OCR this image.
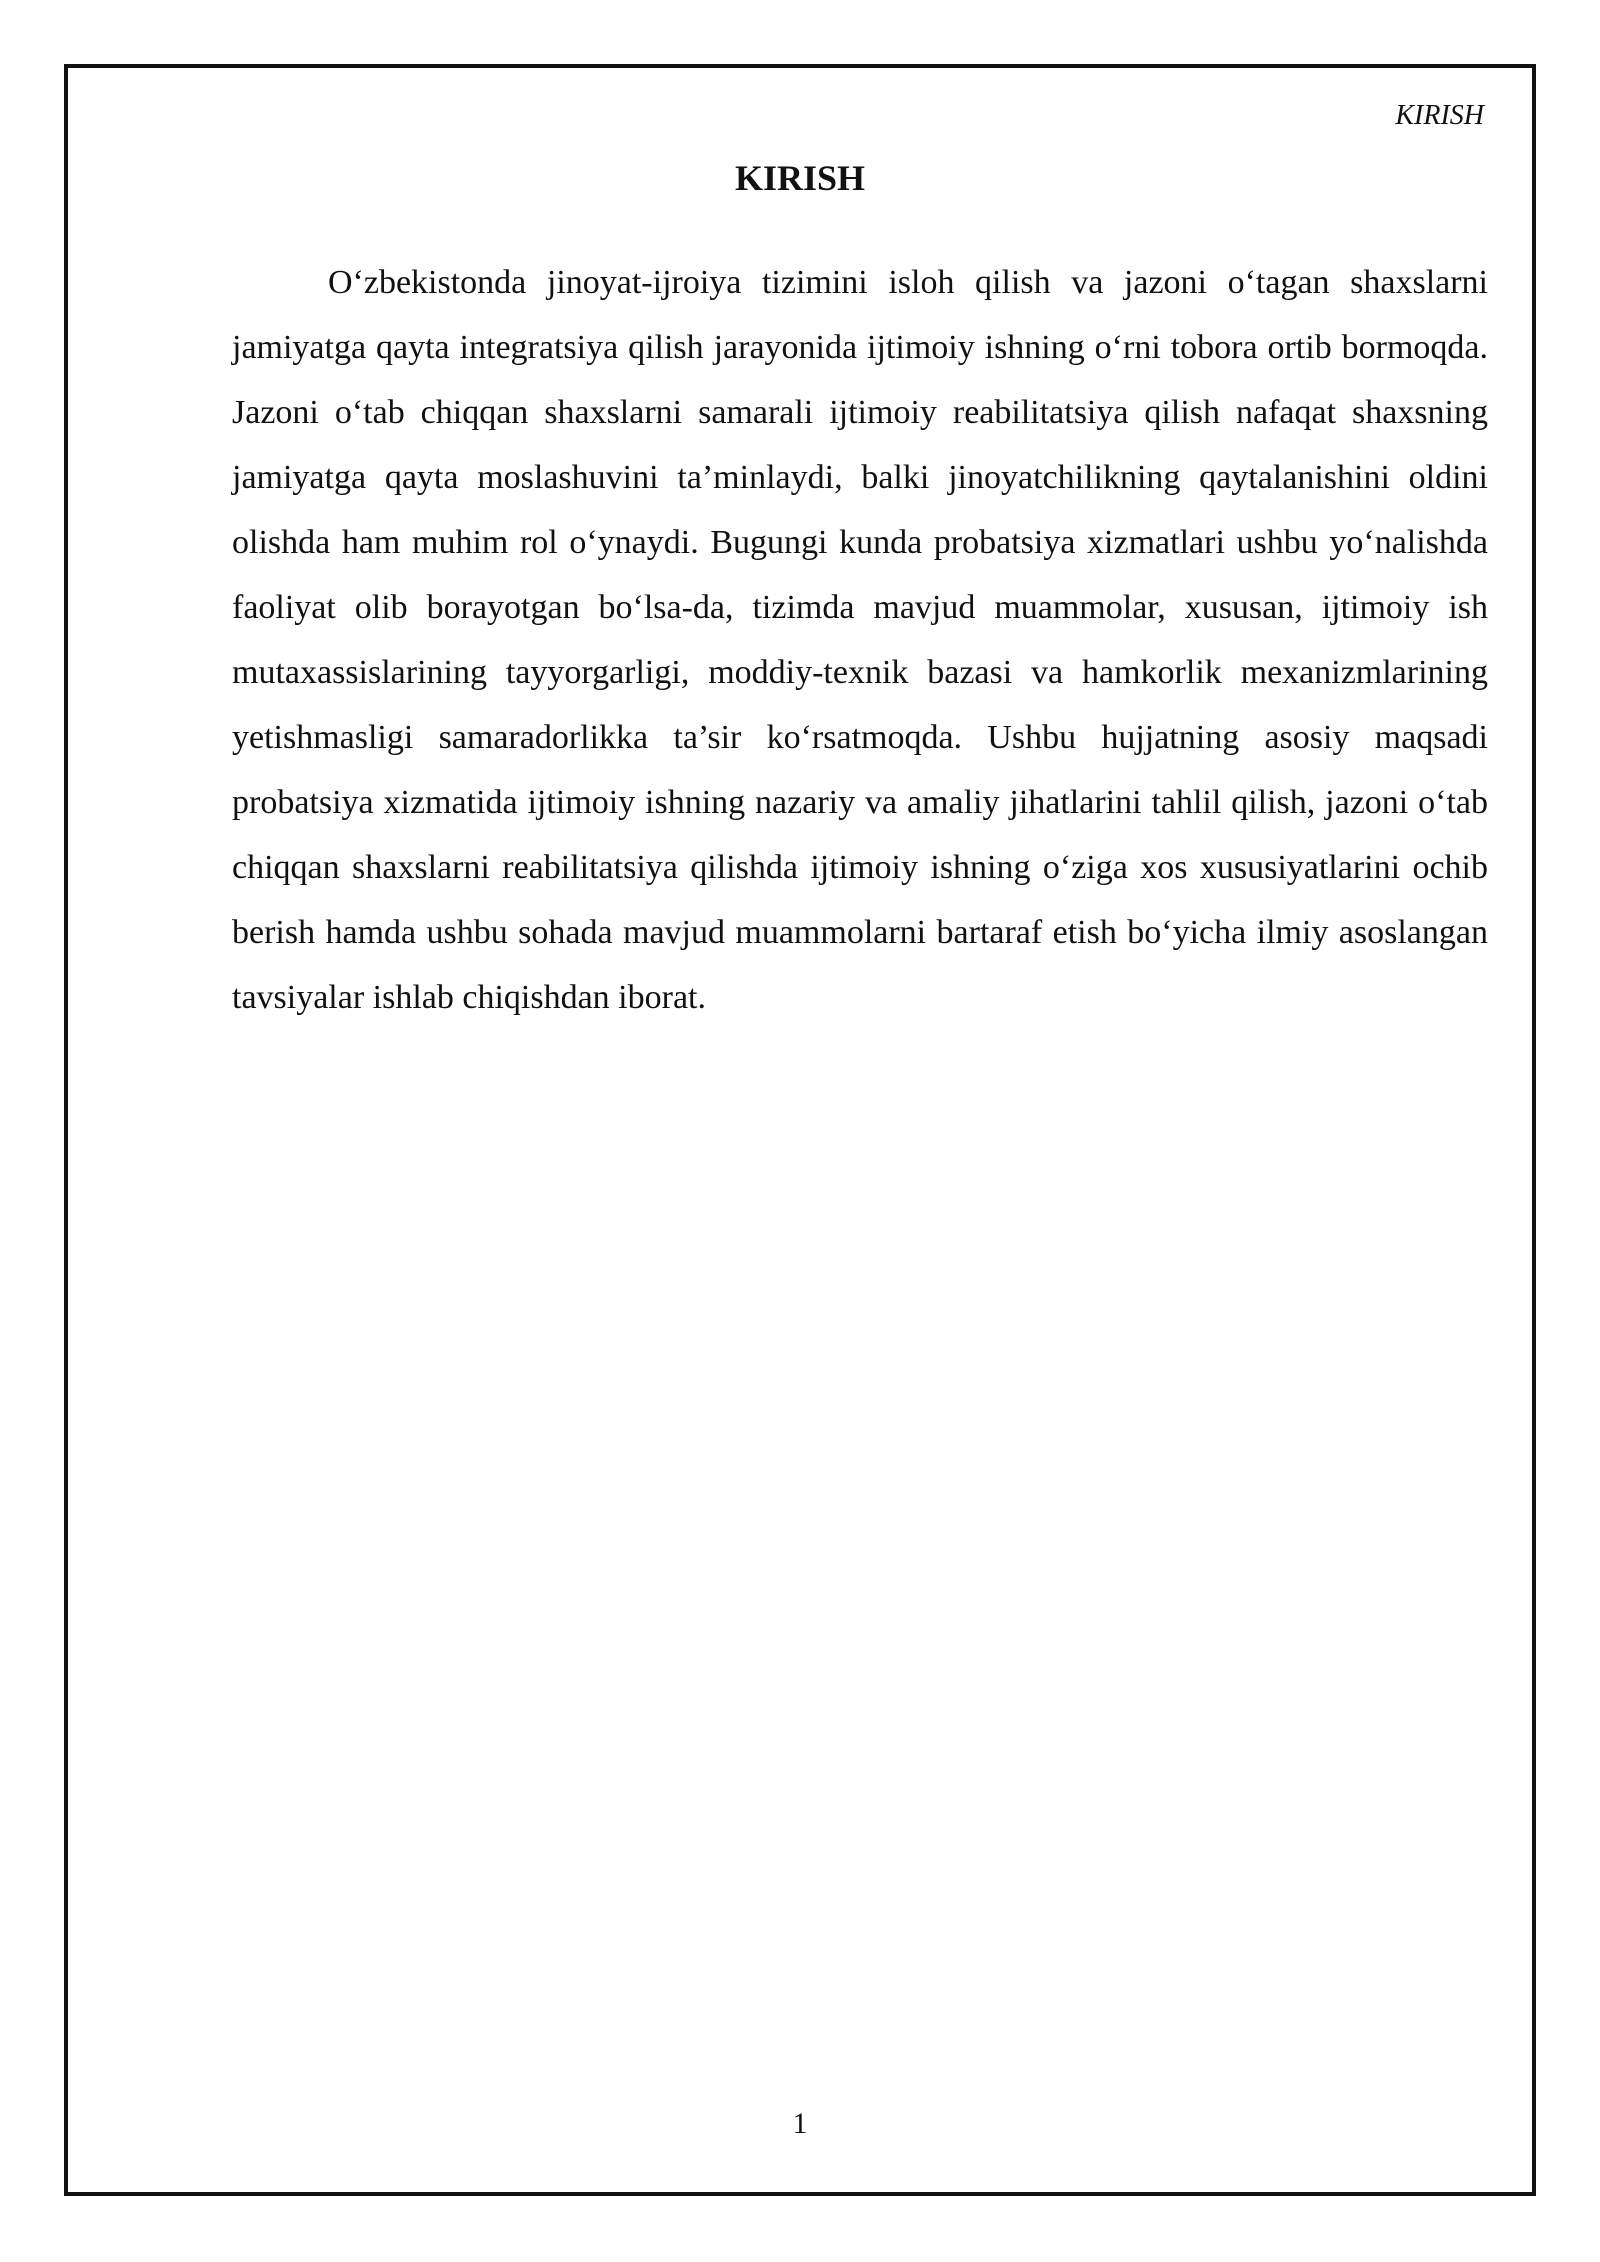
KIRISH
KIRISH

O‘zbekistonda jinoyat-ijroiya tizimini isloh qilish va jazoni o‘tagan shaxslarni jamiyatga qayta integratsiya qilish jarayonida ijtimoiy ishning o‘rni tobora ortib bormoqda. Jazoni o‘tab chiqqan shaxslarni samarali ijtimoiy reabilitatsiya qilish nafaqat shaxsning jamiyatga qayta moslashuvini ta’minlaydi, balki jinoyatchilikning qaytalanishini oldini olishda ham muhim rol o‘ynaydi. Bugungi kunda probatsiya xizmatlari ushbu yo‘nalishda faoliyat olib borayotgan bo‘lsa-da, tizimda mavjud muammolar, xususan, ijtimoiy ish mutaxassislarining tayyorgarligi, moddiy-texnik bazasi va hamkorlik mexanizmlarining yetishmasligi samaradorlikka ta’sir ko‘rsatmoqda. Ushbu hujjatning asosiy maqsadi probatsiya xizmatida ijtimoiy ishning nazariy va amaliy jihatlarini tahlil qilish, jazoni o‘tab chiqqan shaxslarni reabilitatsiya qilishda ijtimoiy ishning o‘ziga xos xususiyatlarini ochib berish hamda ushbu sohada mavjud muammolarni bartaraf etish bo‘yicha ilmiy asoslangan tavsiyalar ishlab chiqishdan iborat.

1
